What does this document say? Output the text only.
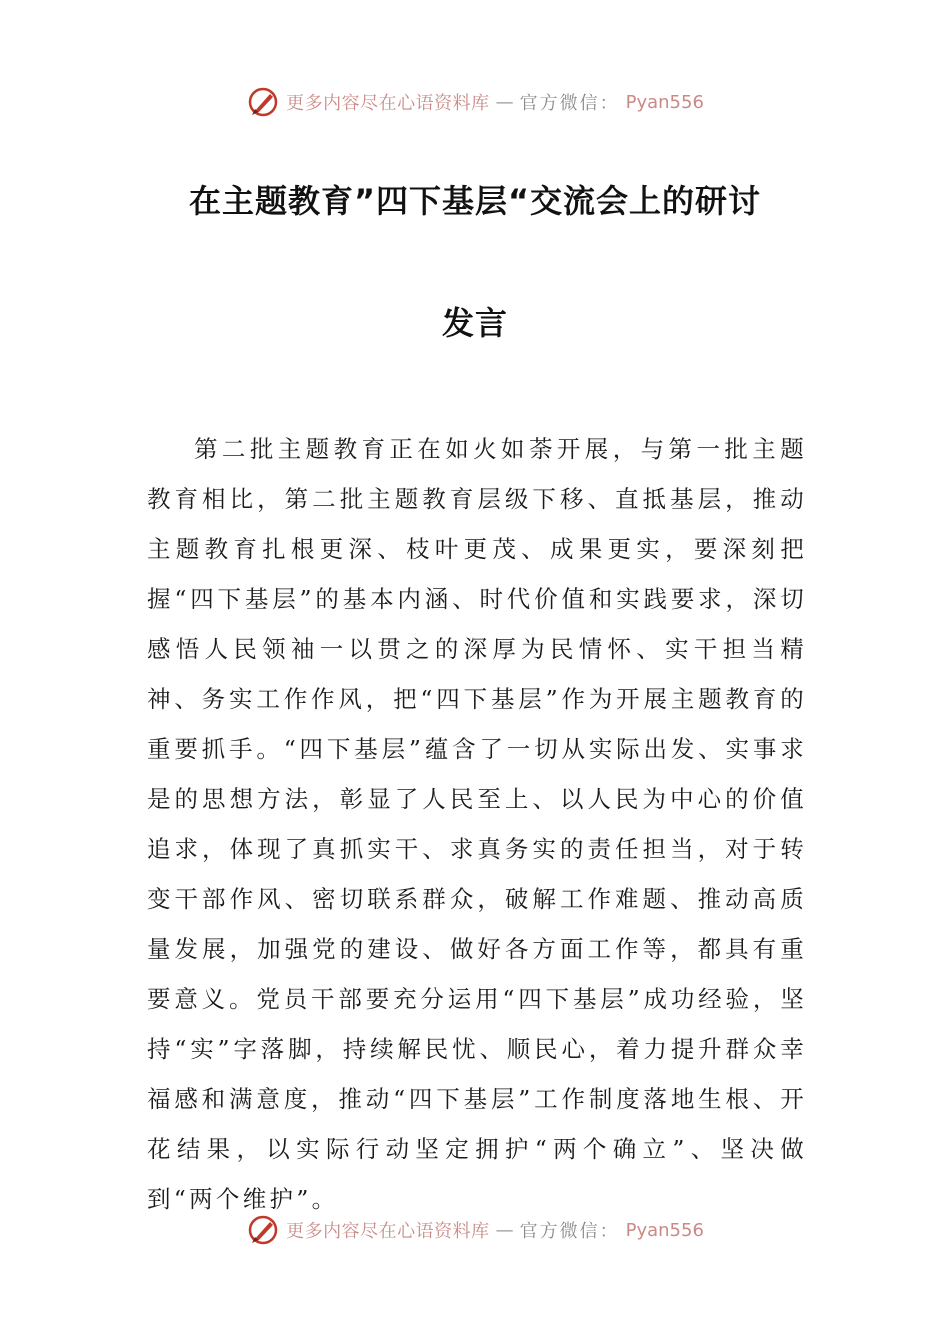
更多内容尽在心语资料库 — 官方微信： Pyan556
在主题教育”四下基层“交流会上的研讨
发言

第二批主题教育正在如火如荼开展，与第一批主题教育相比，第二批主题教育层级下移、直抵基层，推动主题教育扎根更深、枝叶更茂、成果更实，要深刻把握“四下基层”的基本内涵、时代价值和实践要求，深切感悟人民领袖一以贯之的深厚为民情怀、实干担当精神、务实工作作风，把“四下基层”作为开展主题教育的重要抓手。“四下基层”蕴含了一切从实际出发、实事求是的思想方法，彰显了人民至上、以人民为中心的价值追求，体现了真抓实干、求真务实的责任担当，对于转变干部作风、密切联系群众，破解工作难题、推动高质量发展，加强党的建设、做好各方面工作等，都具有重要意义。党员干部要充分运用“四下基层”成功经验，坚持“实”字落脚，持续解民忧、顺民心，着力提升群众幸福感和满意度，推动“四下基层”工作制度落地生根、开花结果，以实际行动坚定拥护“两个确立”、坚决做到“两个维护”。

更多内容尽在心语资料库 — 官方微信： Pyan556
